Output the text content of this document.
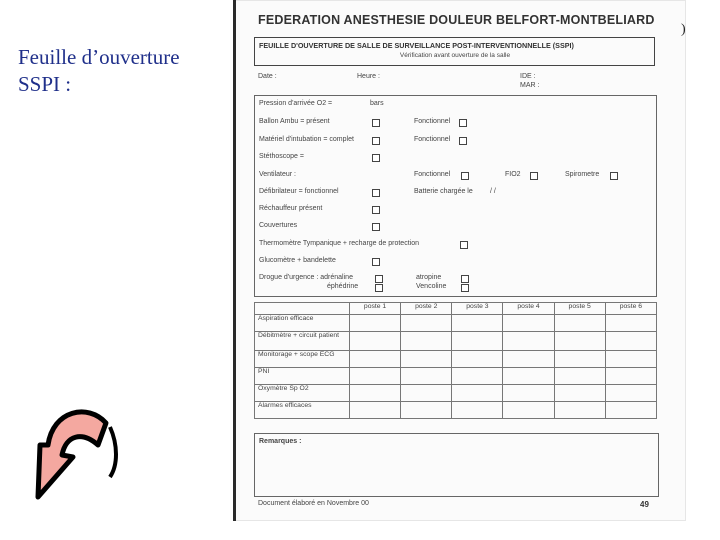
Feuille d’ouverture
SSPI :
)
FEDERATION ANESTHESIE DOULEUR BELFORT-MONTBELIARD
FEUILLE D'OUVERTURE DE SALLE DE SURVEILLANCE POST-INTERVENTIONNELLE (SSPI)
Vérification avant ouverture de la salle
Date :	Heure :	IDE :
MAR :
Pression d'arrivée O2 =	bars
Ballon Ambu = présent	Fonctionnel
Matériel d'intubation = complet	Fonctionnel
Stéthoscope =
Ventilateur :	Fonctionnel	FIO2	Spirometre
Défibrilateur = fonctionnel	Batterie chargée le / /
Réchauffeur présent
Couvertures
Thermomètre Tympanique + recharge de protection
Glucomètre + bandelette
Drogue d'urgence : adrénaline	atropine
éphédrine	Vencoline
	poste 1	poste 2	poste 3	poste 4	poste 5	poste 6
Aspiration efficace						
Débitmètre + circuit patient						
Monitorage + scope ECG						
PNI						
Oxymètre Sp O2						
Alarmes efficaces						
Remarques :
Document élaboré en Novembre 00	49
